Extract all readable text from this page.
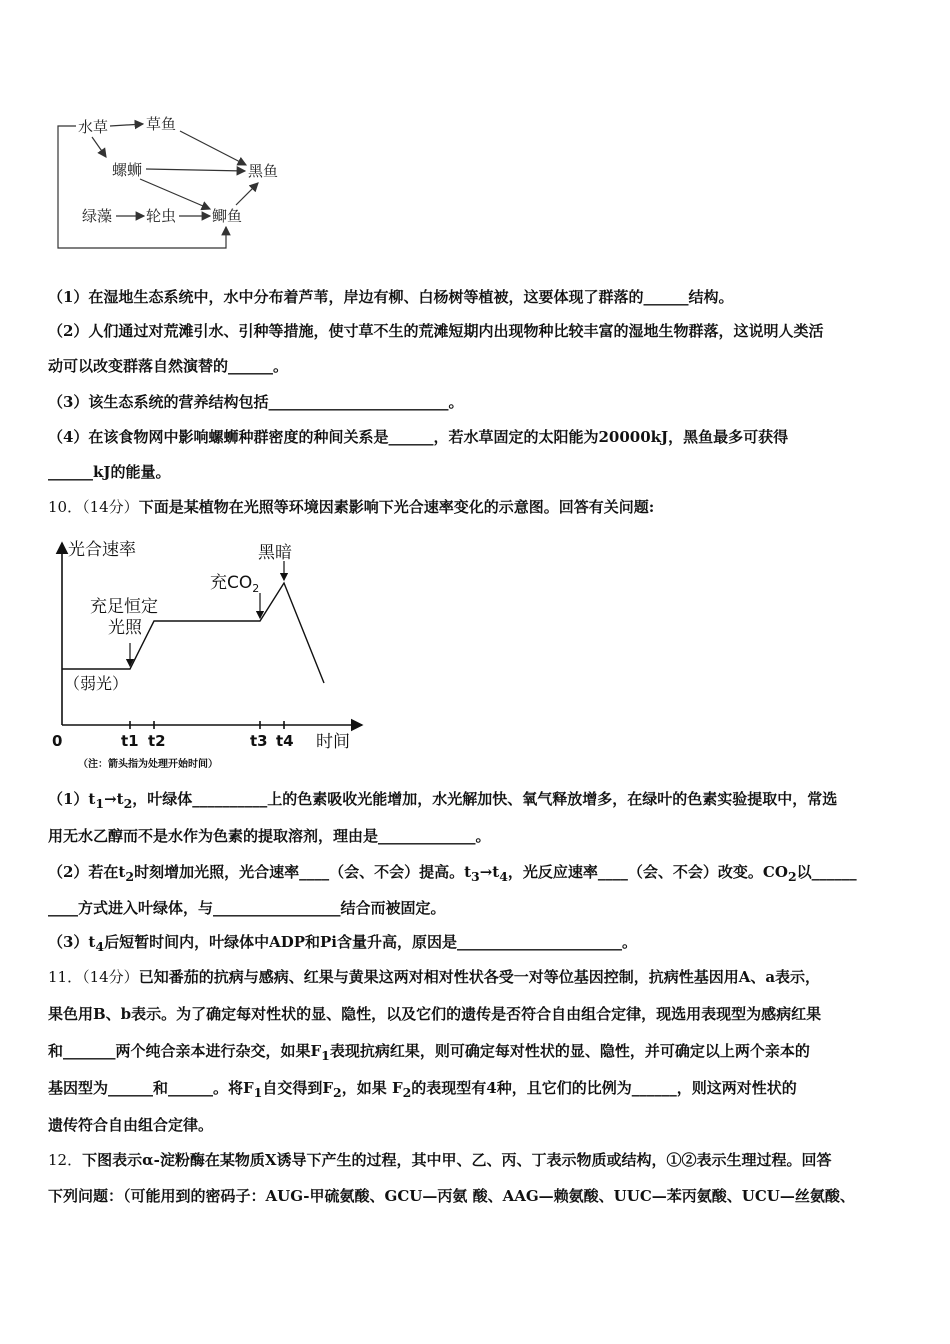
水草	草鱼
螺蛳	黑鱼
绿藻 轮虫 鲫鱼
（1）在湿地生态系统中，水中分布着芦苇，岸边有柳、白杨树等植被，这要体现了群落的______结构。
（2）人们通过对荒滩引水、引种等措施，使寸草不生的荒滩短期内出现物种比较丰富的湿地生物群落，这说明人类活
动可以改变群落自然演替的______。
（3）该生态系统的营养结构包括________________________。
（4）在该食物网中影响螺蛳种群密度的种间关系是______，若水草固定的太阳能为20000kJ，黑鱼最多可获得
______kJ的能量。
10．（14分）下面是某植物在光照等环境因素影响下光合速率变化的示意图。回答有关问题:
光合速率
时间
0	t1 t2	t3 t4
（弱光）
充足恒定
光照
充$CO_2$
黑暗
（注：箭头指为处理开始时间）
$(1)t_1\to t_2$，叶绿体__________上的色素吸收光能增加，水光解加快、氧气释放增多，在绿叶的色素实验提取中，常选
用无水乙醇而不是水作为色素的提取溶剂，理由是_____________。
（2）若在$t_2$时刻增加光照，光合速率____（会、不会）提高。$t_3\to t_4$，光反应速率____（会、不会）改变。$CO_2$以______
____方式进入叶绿体，与_________________结合而被固定。
$(3)t_4$后短暂时间内，叶绿体中ADP和Pi含量升高，原因是______________________。
11．（14分）已知番茄的抗病与感病、红果与黄果这两对相对性状各受一对等位基因控制，抗病性基因用A、a表示，
果色用B、b表示。为了确定每对性状的显、隐性，以及它们的遗传是否符合自由组合定律，现选用表现型为感病红果
和_______两个纯合亲本进行杂交，如果$F_1$表现抗病红果，则可确定每对性状的显、隐性，并可确定以上两个亲本的
基因型为______和______。将$F_1$自交得到$F_2$，如果 $F_2$的表现型有4种，且它们的比例为______，则这两对性状的
遗传符合自由组合定律。
12．下图表示α-淀粉酶在某物质X诱导下产生的过程，其中甲、乙、丙、丁表示物质或结构，①②表示生理过程。回答
下列问题：（可能用到的密码子：AUG-甲硫氨酸、GCU—丙氨 酸、AAG—赖氨酸、UUC—苯丙氨酸、UCU—丝氨酸、
